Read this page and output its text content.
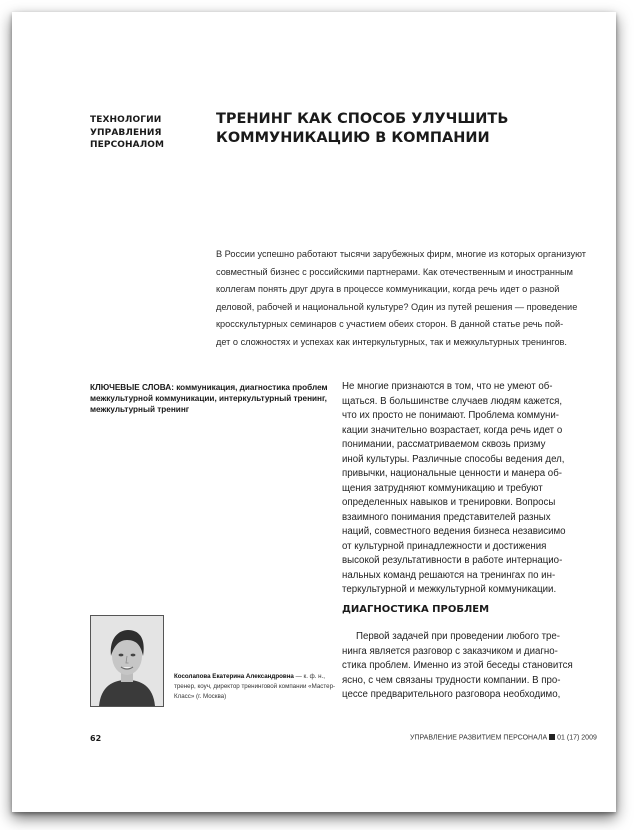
ТЕХНОЛОГИИ
УПРАВЛЕНИЯ
ПЕРСОНАЛОМ
ТРЕНИНГ КАК СПОСОБ УЛУЧШИТЬ
КОММУНИКАЦИЮ В КОМПАНИИ
В России успешно работают тысячи зарубежных фирм, многие из которых организуют
совместный бизнес с российскими партнерами. Как отечественным и иностранным
коллегам понять друг друга в процессе коммуникации, когда речь идет о разной
деловой, рабочей и национальной культуре? Один из путей решения — проведение
кросскультурных семинаров с участием обеих сторон. В данной статье речь пой-
дет о сложностях и успехах как интеркультурных, так и межкультурных тренингов.
КЛЮЧЕВЫЕ СЛОВА: коммуникация, диагностика проблем
межкультурной коммуникации, интеркультурный тренинг,
межкультурный тренинг
Не многие признаются в том, что не умеют об-
щаться. В большинстве случаев людям кажется,
что их просто не понимают. Проблема коммуни-
кации значительно возрастает, когда речь идет о
понимании, рассматриваемом сквозь призму
иной культуры. Различные способы ведения дел,
привычки, национальные ценности и манера об-
щения затрудняют коммуникацию и требуют
определенных навыков и тренировки. Вопросы
взаимного понимания представителей разных
наций, совместного ведения бизнеса независимо
от культурной принадлежности и достижения
высокой результативности в работе интернацио-
нальных команд решаются на тренингах по ин-
теркультурной и межкультурной коммуникации.
ДИАГНОСТИКА ПРОБЛЕМ
Первой задачей при проведении любого тре-
нинга является разговор с заказчиком и диагно-
стика проблем. Именно из этой беседы становится
ясно, с чем связаны трудности компании. В про-
цессе предварительного разговора необходимо,
Косолапова Екатерина Александровна — к. ф. н.,
тренер, коуч, директор тренинговой компании «Мастер-
Класс» (г. Москва)
62	УПРАВЛЕНИЕ РАЗВИТИЕМ ПЕРСОНАЛА 01 (17) 2009
